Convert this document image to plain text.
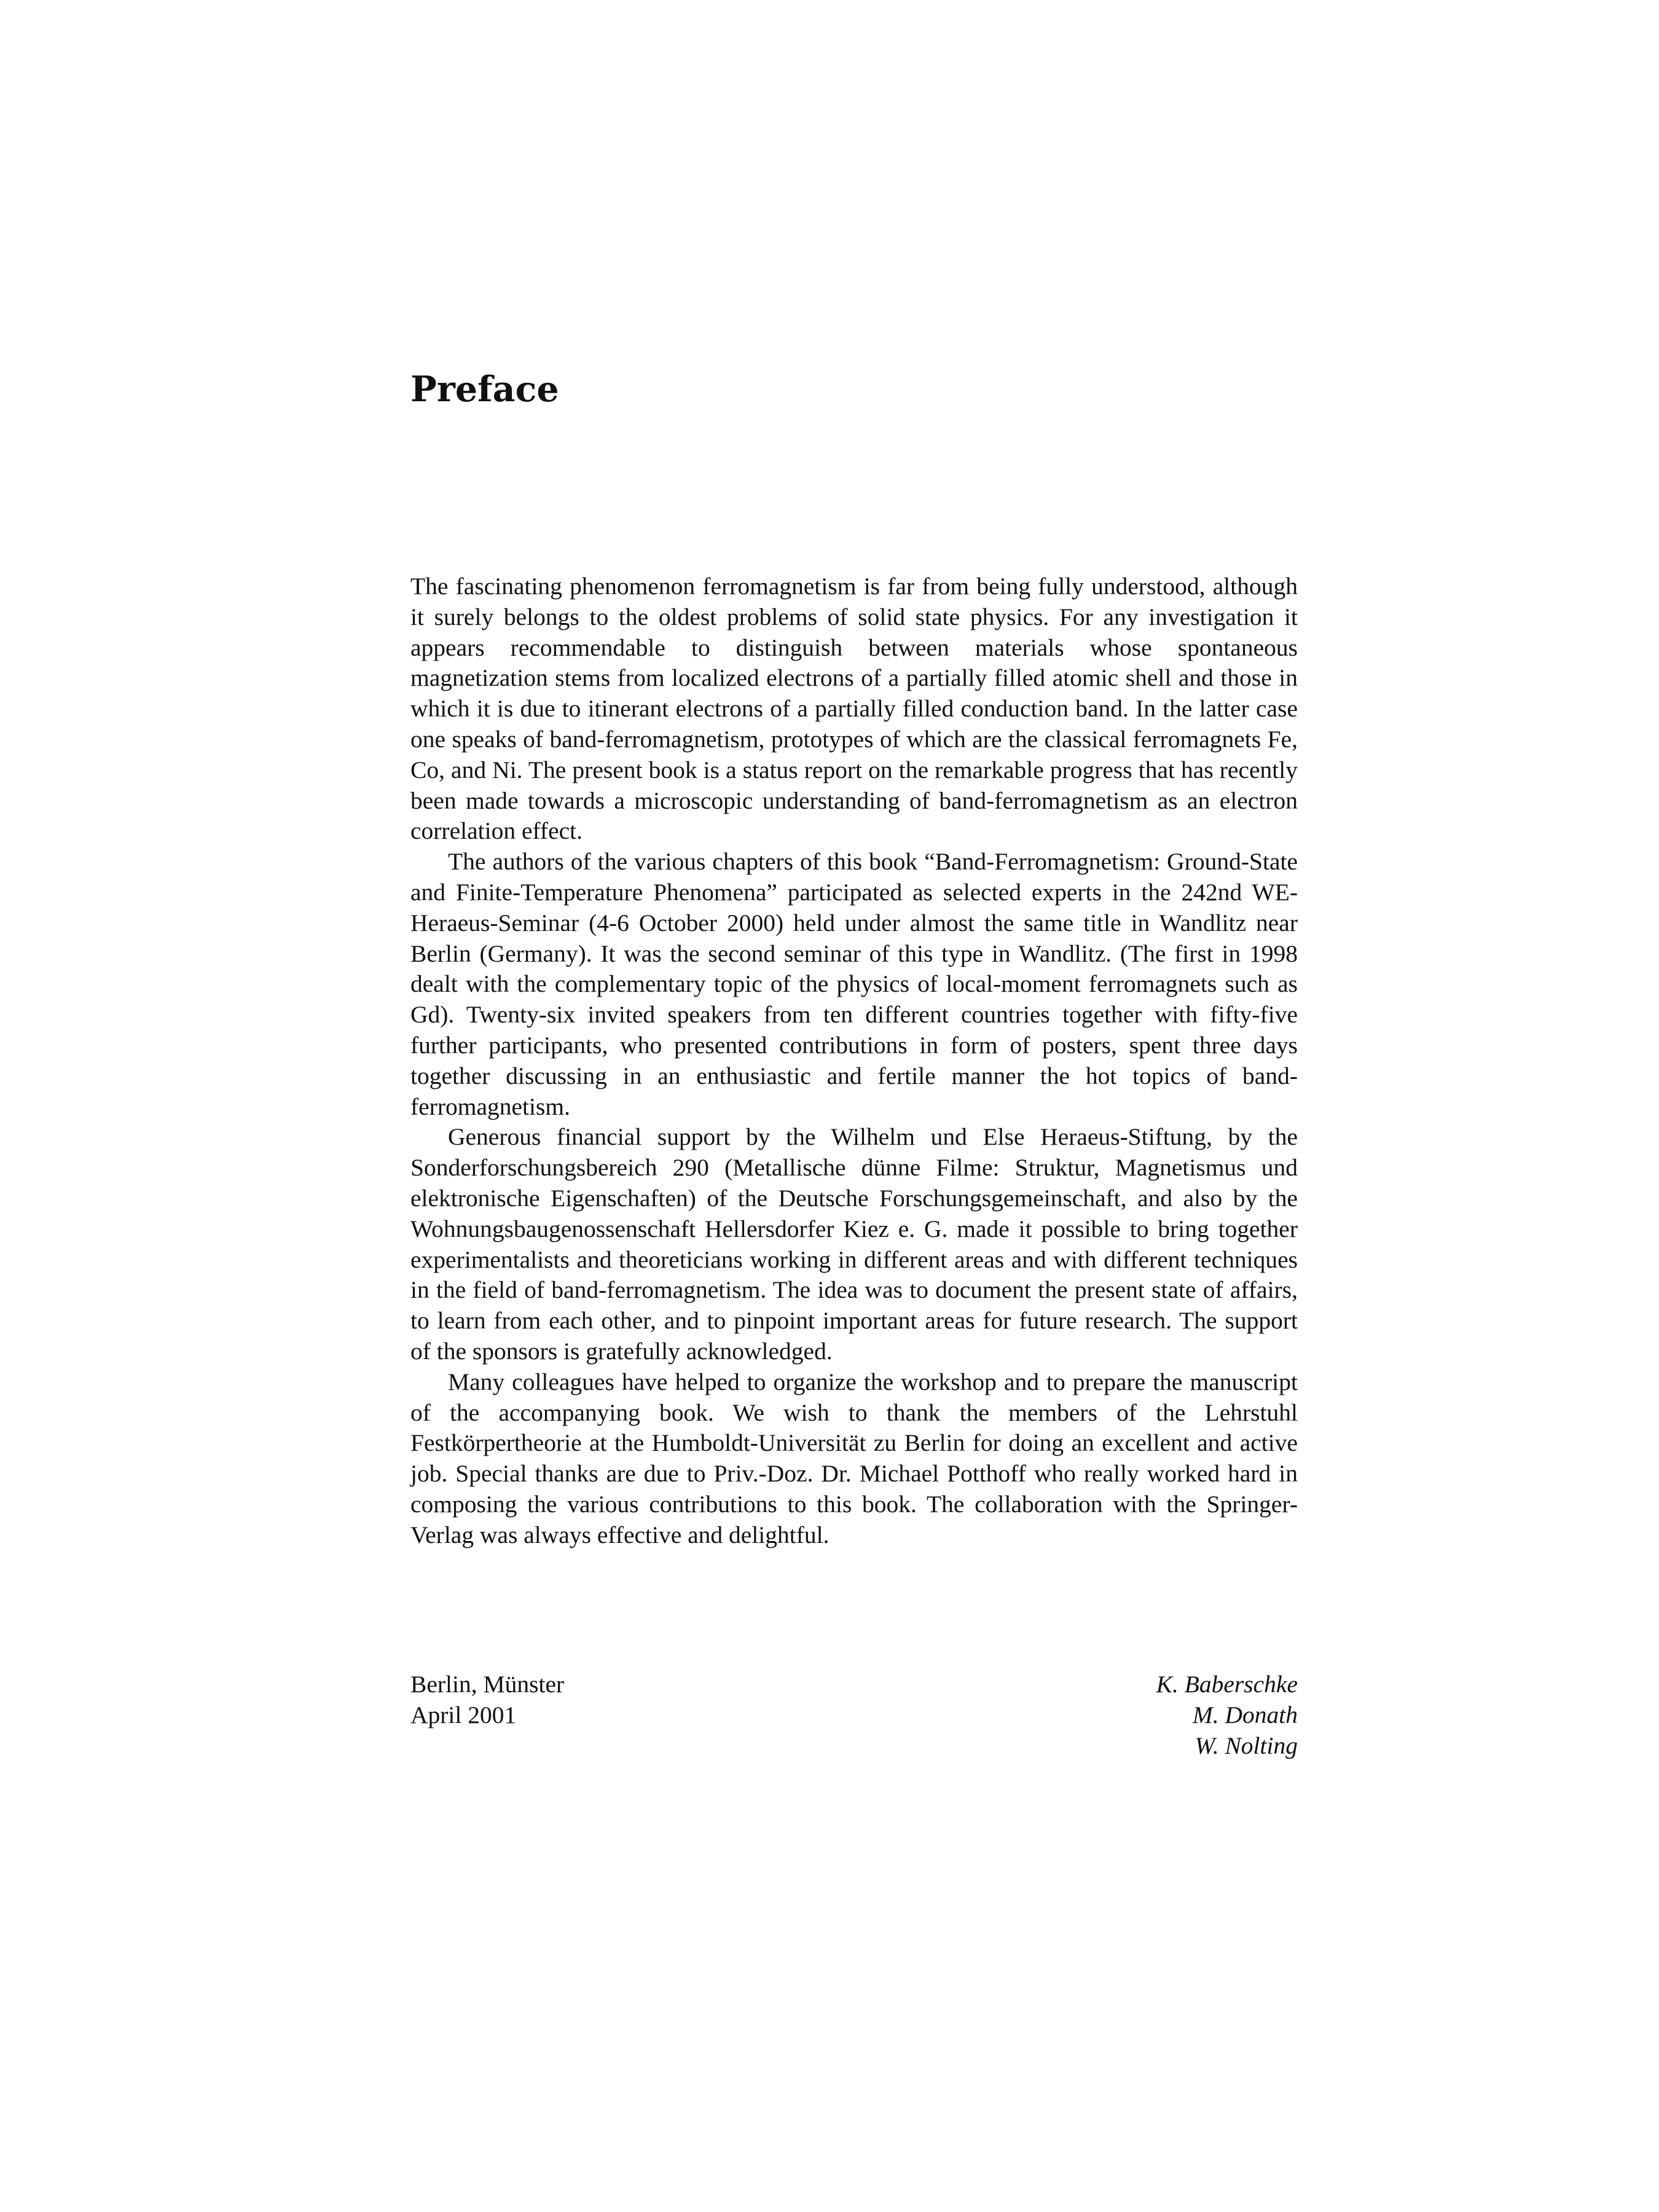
Preface

The fascinating phenomenon ferromagnetism is far from being fully understood, although it surely belongs to the oldest problems of solid state physics. For any investigation it appears recommendable to distinguish between materials whose spontaneous magnetization stems from localized electrons of a partially filled atomic shell and those in which it is due to itinerant electrons of a partially filled conduction band. In the latter case one speaks of band-ferromagnetism, prototypes of which are the classical ferromagnets Fe, Co, and Ni. The present book is a status report on the remarkable progress that has recently been made towards a microscopic understanding of band-ferromagnetism as an electron correlation effect.

The authors of the various chapters of this book “Band-Ferromagnetism: Ground-State and Finite-Temperature Phenomena” participated as selected experts in the 242nd WE-Heraeus-Seminar (4-6 October 2000) held under almost the same title in Wandlitz near Berlin (Germany). It was the second seminar of this type in Wandlitz. (The first in 1998 dealt with the complementary topic of the physics of local-moment ferromagnets such as Gd). Twenty-six invited speakers from ten different countries together with fifty-five further participants, who presented contributions in form of posters, spent three days together discussing in an enthusiastic and fertile manner the hot topics of band-ferromagnetism.

Generous financial support by the Wilhelm und Else Heraeus-Stiftung, by the Sonderforschungsbereich 290 (Metallische dünne Filme: Struktur, Magnetismus und elektronische Eigenschaften) of the Deutsche Forschungsgemeinschaft, and also by the Wohnungsbaugenossenschaft Hellersdorfer Kiez e. G. made it possible to bring together experimentalists and theoreticians working in different areas and with different techniques in the field of band-ferromagnetism. The idea was to document the present state of affairs, to learn from each other, and to pinpoint important areas for future research. The support of the sponsors is gratefully acknowledged.

Many colleagues have helped to organize the workshop and to prepare the manuscript of the accompanying book. We wish to thank the members of the Lehrstuhl Festkörpertheorie at the Humboldt-Universität zu Berlin for doing an excellent and active job. Special thanks are due to Priv.-Doz. Dr. Michael Potthoff who really worked hard in composing the various contributions to this book. The collaboration with the Springer-Verlag was always effective and delightful.

Berlin, Münster
April 2001
K. Baberschke
M. Donath
W. Nolting
